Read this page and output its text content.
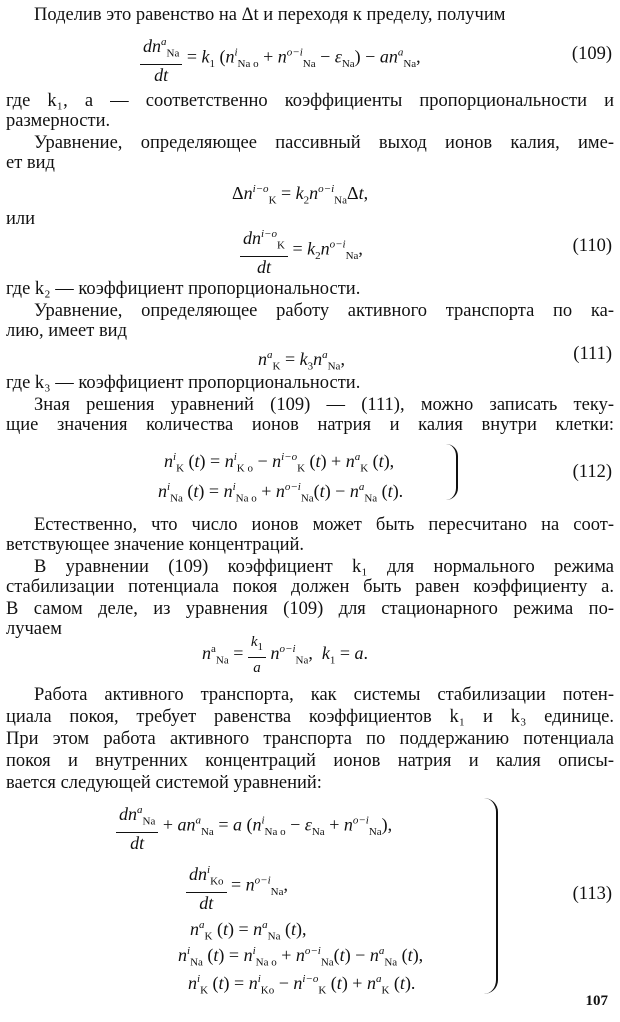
Поделив это равенство на Δt и переходя к пределу, получим
$\frac{dn^a_{Na}}{dt} = k_1$ $(n^i_{Na o} + n^{o-i}_{Na} - \varepsilon_{Na}) - an^a_{Na}$,	(109)
где k₁, a — соответственно коэффициенты пропорциональности и
размерности.
Уравнение, определяющее пассивный выход ионов калия, име-
ет вид
$\Delta n^{i-o}_K = k_2n^{o-i}_{Na}\Delta t$,
или
$\frac{dn^{i-o}_K}{dt} = k_2n^{o-i}_{Na}$,	(110)
где k₂ — коэффициент пропорциональности.
Уравнение, определяющее работу активного транспорта по ка-
лию, имеет вид
$n^a_K = k_3n^a_{Na}$,	(111)
где k₃ — коэффициент пропорциональности.
Зная решения уравнений (109) — (111), можно записать теку-
щие значения количества ионов натрия и калия внутри клетки:
$n^i_K$ $(t) = n^i_{K o} - n^{i-o}_K$ $(t) + n^a_K$ (t),
$n^i_{Na}$ $(t) = n^i_{Na o} + n^{o-i}_{Na}(t) - n^a_{Na}$ (t).
(112)
Естественно, что число ионов может быть пересчитано на соот-
ветствующее значение концентраций.
В уравнении (109) коэффициент k₁ для нормального режима
стабилизации потенциала покоя должен быть равен коэффициенту a.
В самом деле, из уравнения (109) для стационарного режима по-
лучаем
$n^a_{Na} = \frac{k_1}{a} n^{o-i}_{Na}$,  $k_1 = a$.
Работа активного транспорта, как системы стабилизации потен-
циала покоя, требует равенства коэффициентов k₁ и k₃ единице.
При этом работа активного транспорта по поддержанию потенциала
покоя и внутренних концентраций ионов натрия и калия описы-
вается следующей системой уравнений:
$\frac{dn^a_{Na}}{dt} + an^a_{Na} = a$ $(n^i_{Na o} - \varepsilon_{Na} + n^{o-i}_{Na})$,
$\frac{dn^i_{Ko}}{dt} = n^{o-i}_{Na}$,
$n^a_K$ $(t) = n^a_{Na}$ (t),
$n^i_{Na}$ $(t) = n^i_{Na o} + n^{o-i}_{Na}(t) - n^a_{Na}$ (t),
$n^i_K$ $(t) = n^i_{Ko} - n^{i-o}_K$ $(t) + n^a_K$ (t).
(113)
107
